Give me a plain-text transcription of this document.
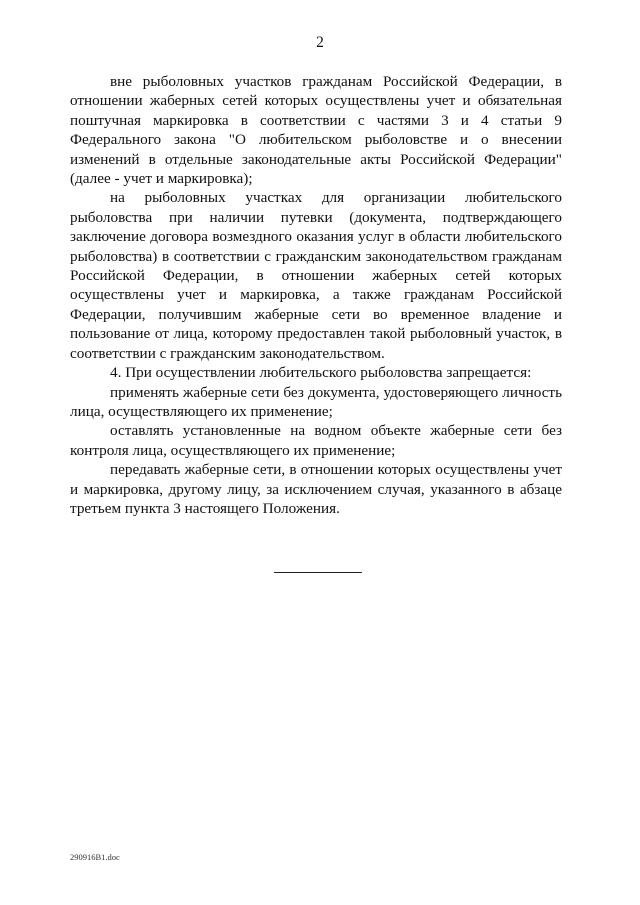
2

вне рыболовных участков гражданам Российской Федерации, в отношении жаберных сетей которых осуществлены учет и обязательная поштучная маркировка в соответствии с частями 3 и 4 статьи 9 Федерального закона "О любительском рыболовстве и о внесении изменений в отдельные законодательные акты Российской Федерации" (далее - учет и маркировка);

на рыболовных участках для организации любительского рыболовства при наличии путевки (документа, подтверждающего заключение договора возмездного оказания услуг в области любительского рыболовства) в соответствии с гражданским законодательством гражданам Российской Федерации, в отношении жаберных сетей которых осуществлены учет и маркировка, а также гражданам Российской Федерации, получившим жаберные сети во временное владение и пользование от лица, которому предоставлен такой рыболовный участок, в соответствии с гражданским законодательством.

4. При осуществлении любительского рыболовства запрещается:

применять жаберные сети без документа, удостоверяющего личность лица, осуществляющего их применение;

оставлять установленные на водном объекте жаберные сети без контроля лица, осуществляющего их применение;

передавать жаберные сети, в отношении которых осуществлены учет и маркировка, другому лицу, за исключением случая, указанного в абзаце третьем пункта 3 настоящего Положения.

290916В1.doc
